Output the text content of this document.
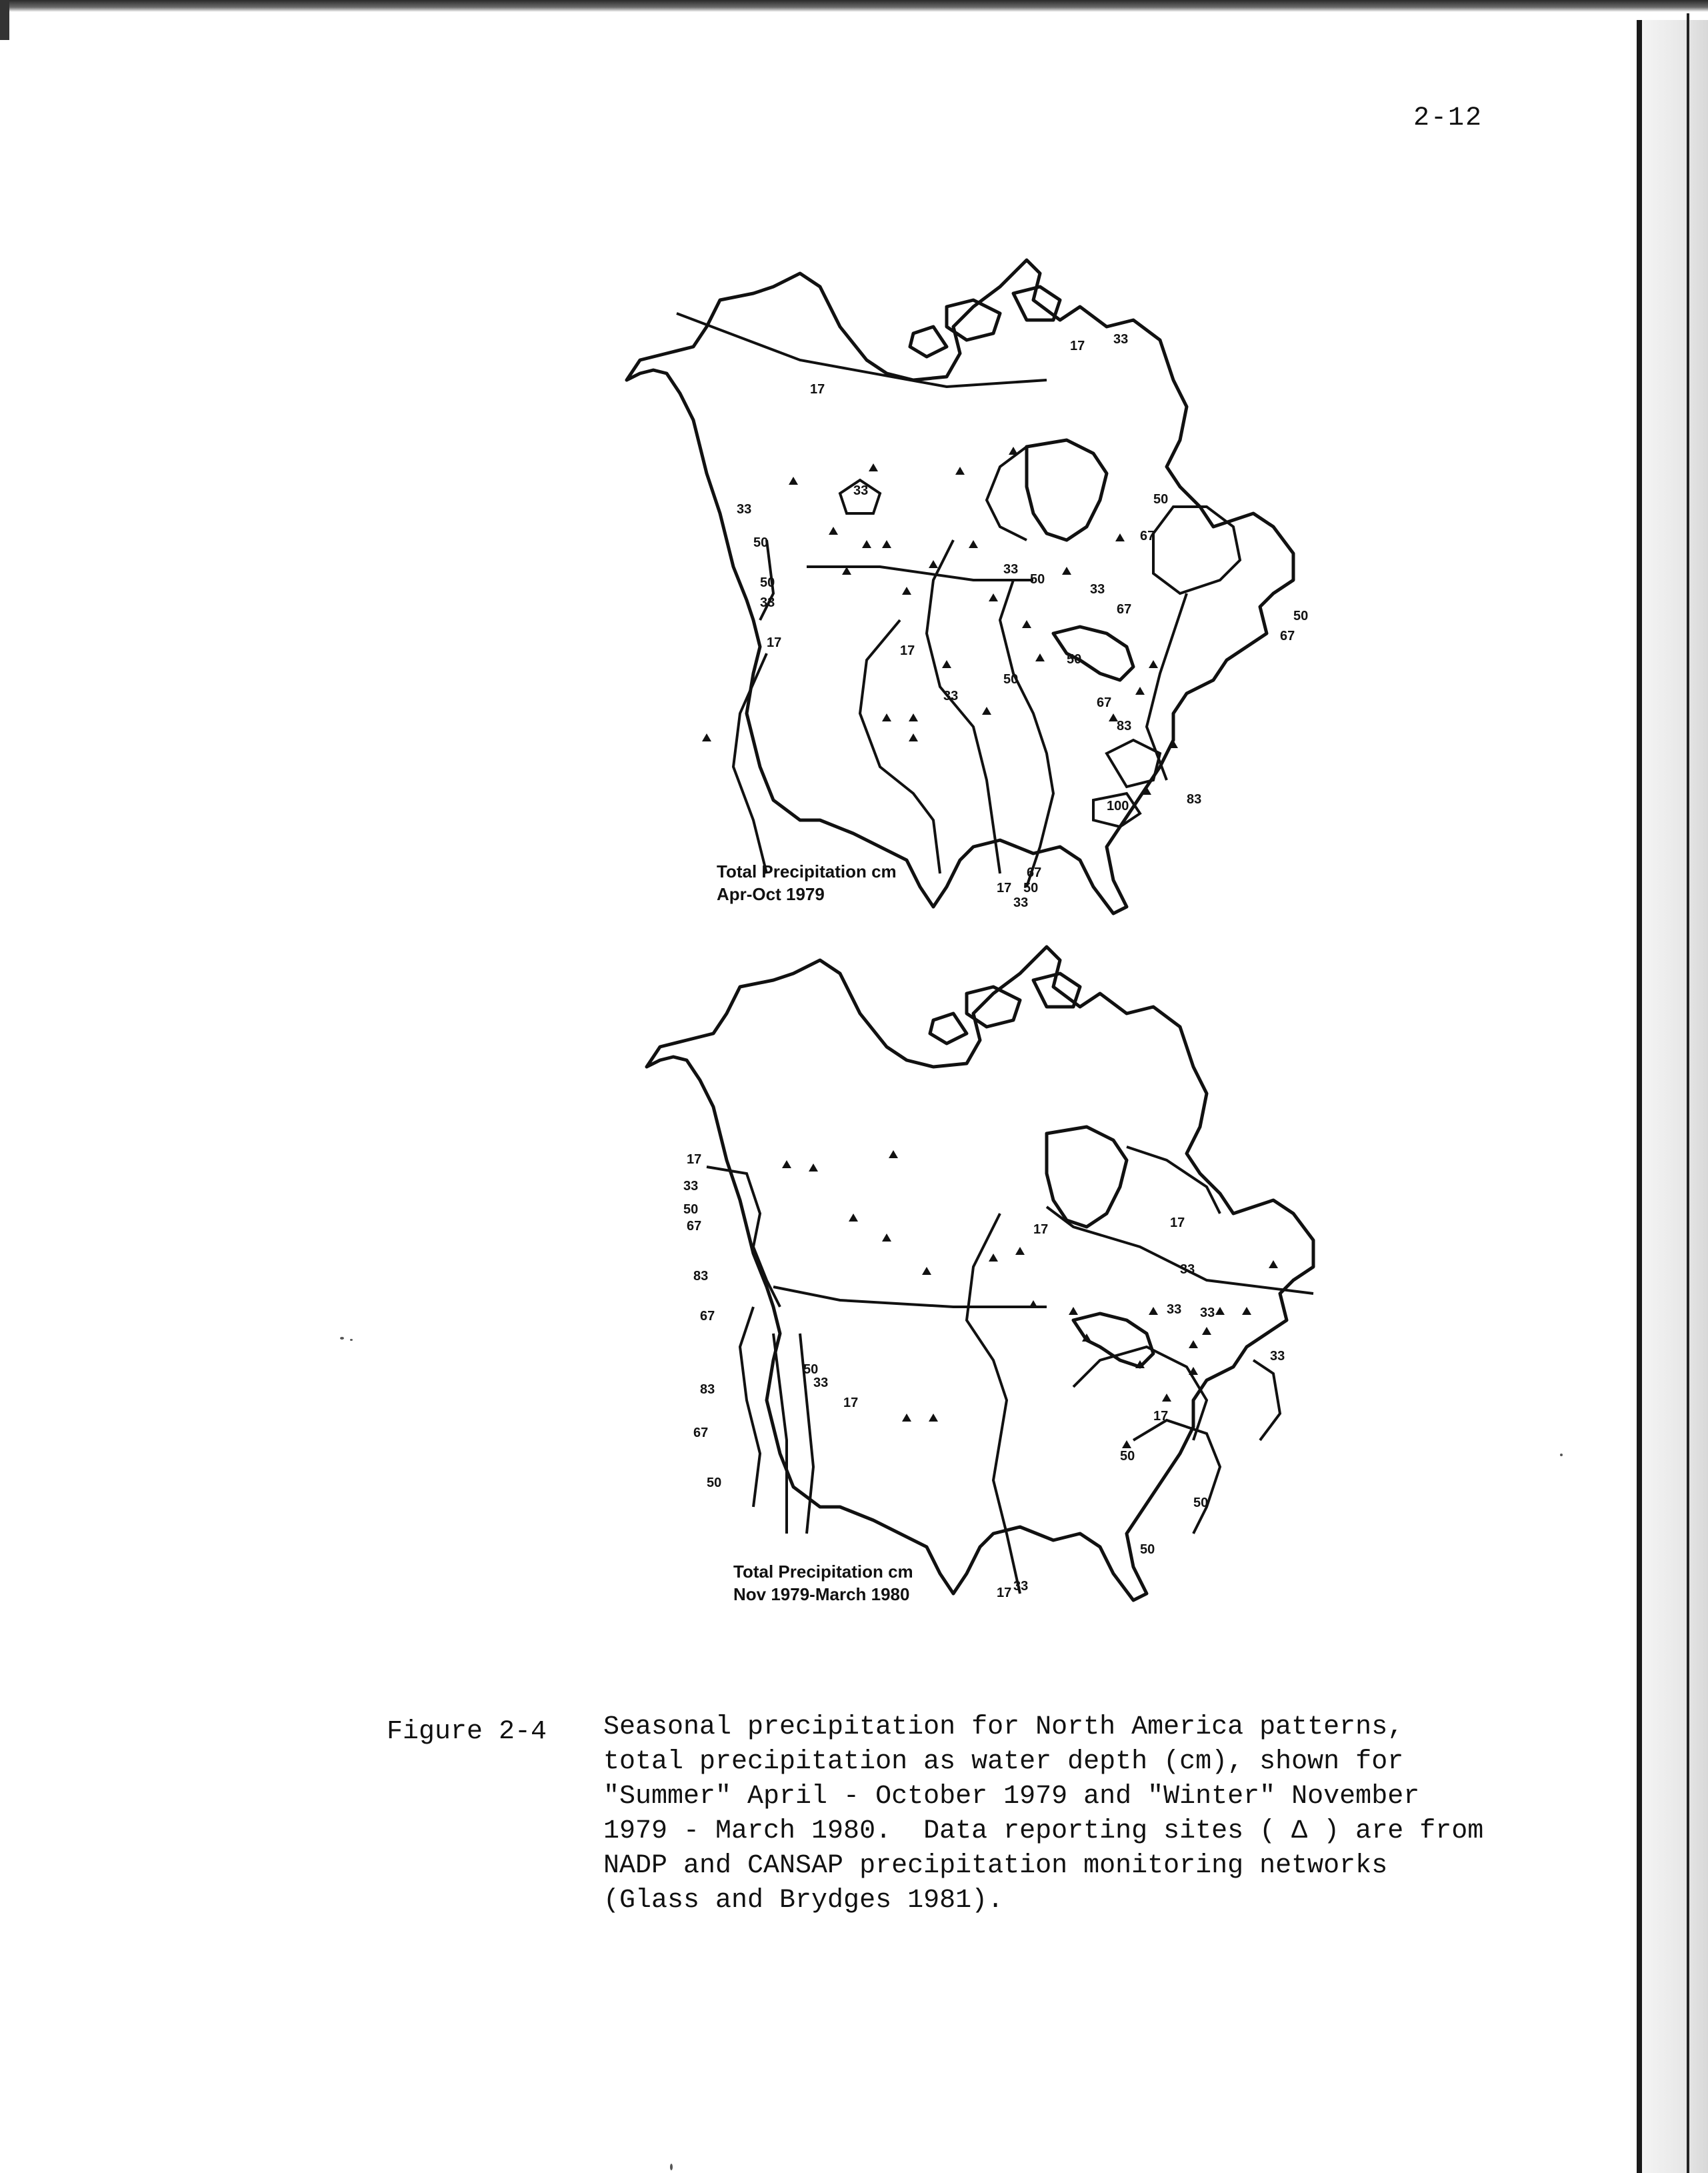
2-12
17 33
17
33
50
50
33
17
33
17
33
50
33
50
67
83
100
50
67
33
50
67
50
67
17 50
33
67
83
Total Precipitation cm
Apr-Oct 1979
17
33
50
67
83
67
83
67
50
50
33
17
17	17
33
33 33
17
33
50
50
50
17 33
Total Precipitation cm
Nov 1979-March 1980
Figure 2-4 Seasonal precipitation for North America patterns,
total precipitation as water depth (cm), shown for
"Summer" April - October 1979 and "Winter" November
1979 - March 1980.  Data reporting sites ( Δ ) are from
NADP and CANSAP precipitation monitoring networks
(Glass and Brydges 1981).
